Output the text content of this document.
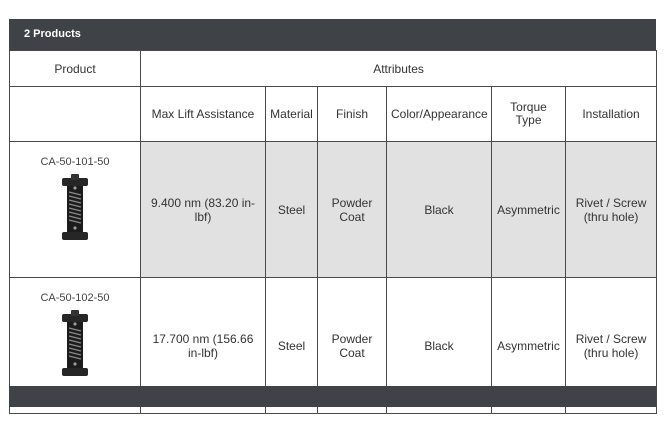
2 Products
Product	Attributes					
	Max Lift Assistance	Material	Finish	Color/Appearance	Torque Type	Installation

CA-50-101-50	9.400 nm (83.20 in-lbf)	Steel	Powder Coat	Black	Asymmetric	Rivet / Screw (thru hole)

CA-50-102-50	17.700 nm (156.66 in-lbf)	Steel	Powder Coat	Black	Asymmetric	Rivet / Screw (thru hole)
